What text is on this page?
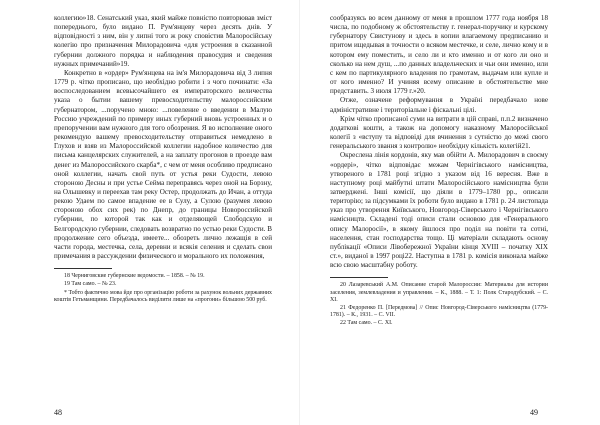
коллегию»18. Сенатський указ, який майже повністю повторював зміст попереднього, було видано П. Рум'янцеву через десять днів. У відповідності з ним, він у липні того ж року сповістив Малоросійську колегію про призначення Милорадовича «для устроения в сказанной губернии должного порядка и наблюдения правосудия и сведения нужных примечаний»19.

Конкретно в «ордер» Рум'янцева на ім'я Милорадовича від 3 липня 1779 р. чітко прописано, що необхідно робити і з чого починати: «За воспоследованием всевысочайшего ея императорского величества указа о бытии вашему превосходительству малороссийским губернатором, ...поручено мною: ...повеление о введении в Малую Россию учреждений по примеру иных губерний вновь устроенных и о препоручении вам нужного для того обозрения. Я во исполнение оного рекомендую вашему превосходительству отправиться немедлено в Глухов и взяв из Малороссийской коллегии надобное количество для письма канцелярских служителей, а на заплату прогонов в проезде вам денег из Малороссийского скарба*, с чем от меня особливо предписано оной коллегии, начать свой путь от устья реки Судости, левою стороною Десны и при устье Сейма переправясь через оной на Борзну, на Олышевку и переехав там реку Остер, продолжать до Ичан, а оттуда рекою Удаем по самое впадение ее в Сулу, а Сулою (разумея левою стороною обох сих рек) по Днепр, до границы Новороссийской губернии, по которой так как и отделяющей Слободскую и Белгородскую губернии, следовать возвратно по устью реки Судости. В продолжение сего объезда, имеете... обозреть лично лежащія в сей части города, местечка, села, деревни и всякія селения и сделать свои примечания в рассуждении физического и морального их положения,

18 Черниговские губернские ведомости. – 1858. – № 19.

19 Там само. – № 23.

* Тобто фактично мова йде про організацію роботи за рахунок вольних державних коштів Гетьманщини. Передбачалось виділити лише на «прогони» більшою 500 руб.

48

сообразуясь во всем данному от меня в прошлом 1777 года ноября 18 числа, по подобному ж обстоятельству г. генерал-поручику и курскому губернатору Свистунову и здесь в копии влагаемому предписанию и притом ищедывая в точности о всяком местечке, и селе, лично кому и в котором ему поместить, и село ли и кто именно и от кого ли оно и сколько на нем душ, ...по данных владельческих и чьи они именно, или с кем по партикулярного владения по грамотам, выдачам или купле и от кого именно? И учиняя всему описание в обстоятельстве мне представить. 3 июля 1779 г.»20.

Отже, означене реформування в Україні передбачало нове адміністративне і територіальне і фіскальні цілі.

Крім чітко прописаної суми на витрати в цій справі, п.п.2 визначено додаткові кошти, а також на допомогу наказному Малоросійської колегії з «вступу та відповіді для вчинення з сутністю до межі свого генеральського звання з контролю» необхідну кількість колегій21.

Окреслена лінія кордонів, яку мав обійти А. Милорадович в своєму «ордері», чітко відповідає межам Чернігівського намісництва, утвореного в 1781 році згідно з указом від 16 вересня. Вже в наступному році майбутні штати Малоросійського намісництва були затверджені. Інші комісії, що діяли в 1779–1780 рр., описали територію; за підсумками їх роботи було видано в 1781 р. 24 листопада указ про утворення Київського, Новгород-Сіверського і Чернігівського намісництв. Складені тоді описи стали основою для «Генерального опису Малоросії», в якому йшлося про поділ на повіти та сотні, населення, стан господарства тощо. Ці матеріали складають основу публікації «Описи Лівобережної України кінця XVIII – початку XIX ст.», виданої в 1997 році22. Наступна в 1781 р. комісія виконала майже всю свою масштабну роботу.

20 Лазаревський А.М. Описание старой Малороссии: Материалы для истории заселения, землевладения и управления. – К., 1888. – Т. 1: Полк Стародубский. – С. XI.

21 Федоренко П. [Передмова] // Опис Новгород-Сіверського намісництва (1779-1781). – К., 1931. – С. VII.

22 Там само. – С. XI.

49
